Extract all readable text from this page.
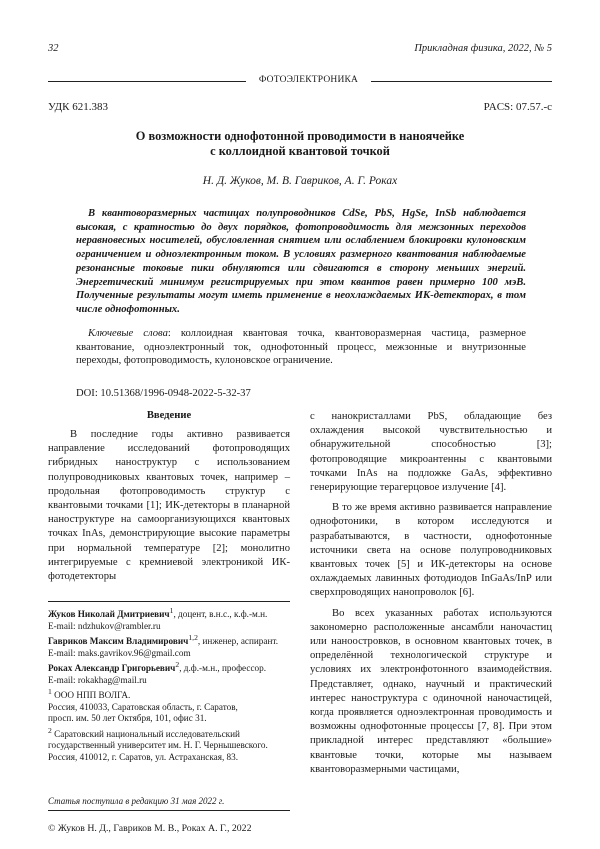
32	Прикладная физика, 2022, № 5
ФОТОЭЛЕКТРОНИКА
УДК 621.383	PACS: 07.57.-c
О возможности однофотонной проводимости в наноячейке
с коллоидной квантовой точкой
Н. Д. Жуков, М. В. Гавриков, А. Г. Роках
В квантоворазмерных частицах полупроводников CdSe, PbS, HgSe, InSb наблюдается высокая, с кратностью до двух порядков, фотопроводимость для межзонных переходов неравновесных носителей, обусловленная снятием или ослаблением блокировки кулоновским ограничением и одноэлектронным током. В условиях размерного квантования наблюдаемые резонансные токовые пики обнуляются или сдвигаются в сторону меньших энергий. Энергетический минимум регистрируемых при этом квантов равен примерно 100 мэВ. Полученные результаты могут иметь применение в неохлаждаемых ИК-детекторах, в том числе однофотонных.
Ключевые слова: коллоидная квантовая точка, квантоворазмерная частица, размерное квантование, одноэлектронный ток, однофотонный процесс, межзонные и внутризонные переходы, фотопроводимость, кулоновское ограничение.
DOI: 10.51368/1996-0948-2022-5-32-37
Введение

В последние годы активно развивается направление исследований фотопроводящих гибридных наноструктур с использованием полупроводниковых квантовых точек, например – продольная фотопроводимость структур с квантовыми точками [1]; ИК-детекторы в планарной наноструктуре на самоорганизующихся квантовых точках InAs, демонстрирующие высокие параметры при нормальной температуре [2]; монолитно интегрируемые с кремниевой электроникой ИК-фотодетекторы

с нанокристаллами PbS, обладающие без охлаждения высокой чувствительностью и обнаружительной способностью [3]; фотопроводящие микроантенны с квантовыми точками InAs на подложке GaAs, эффективно генерирующие терагерцовое излучение [4].

В то же время активно развивается направление однофотоники, в котором исследуются и разрабатываются, в частности, однофотонные источники света на основе полупроводниковых квантовых точек [5] и ИК-детекторы на основе охлаждаемых лавинных фотодиодов InGaAs/InP или сверхпроводящих нанопроволок [6].

Во всех указанных работах используются закономерно расположенные ансамбли наночастиц или наноостровков, в основном квантовых точек, в определённой технологической структуре и условиях их электронфотонного взаимодействия. Представляет, однако, научный и практический интерес наноструктура с одиночной наночастицей, когда проявляется одноэлектронная проводимость и возможны однофотонные процессы [7, 8]. При этом прикладной интерес представляют «большие» квантовые точки, которые мы называем квантоворазмерными частицами,

Жуков Николай Дмитриевич$^1$, доцент, в.н.с., к.ф.-м.н.
E-mail: ndzhukov@rambler.ru
Гавриков Максим Владимирович$^{1,2}$, инженер, аспирант.
E-mail: maks.gavrikov.96@gmail.com
Роках Александр Григорьевич$^2$, д.ф.-м.н., профессор.
E-mail: rokakhag@mail.ru
$^1$ ООО НПП ВОЛГА.
Россия, 410033, Саратовская область, г. Саратов,
просп. им. 50 лет Октября, 101, офис 31.
$^2$ Саратовский национальный исследовательский
государственный университет им. Н. Г. Чернышевского.
Россия, 410012, г. Саратов, ул. Астраханская, 83.
Статья поступила в редакцию 31 мая 2022 г.
© Жуков Н. Д., Гавриков М. В., Роках А. Г., 2022
